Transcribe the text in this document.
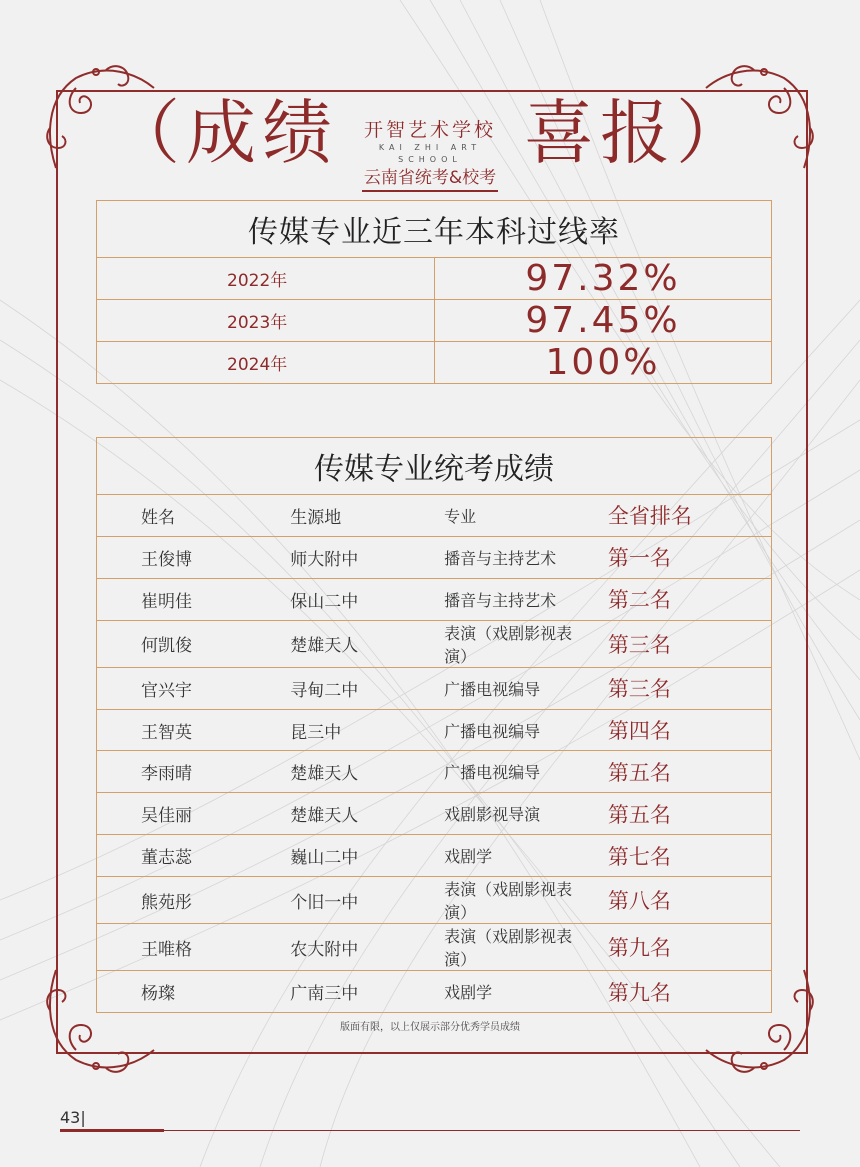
（成绩	开智艺术学校
KAI ZHI ART SCHOOL
云南省统考&校考
喜报）
传媒专业近三年本科过线率	
2022年	97.32%
2023年	97.45%
2024年	100%
传媒专业统考成绩			
姓名	生源地	专业	全省排名
王俊博	师大附中	播音与主持艺术	第一名
崔明佳	保山二中	播音与主持艺术	第二名
何凯俊	楚雄天人	表演（戏剧影视表演）	第三名
官兴宇	寻甸二中	广播电视编导	第三名
王智英	昆三中	广播电视编导	第四名
李雨晴	楚雄天人	广播电视编导	第五名
吴佳丽	楚雄天人	戏剧影视导演	第五名
董志蕊	巍山二中	戏剧学	第七名
熊苑彤	个旧一中	表演（戏剧影视表演）	第八名
王唯格	农大附中	表演（戏剧影视表演）	第九名
杨璨	广南三中	戏剧学	第九名
版面有限，以上仅展示部分优秀学员成绩
43|
